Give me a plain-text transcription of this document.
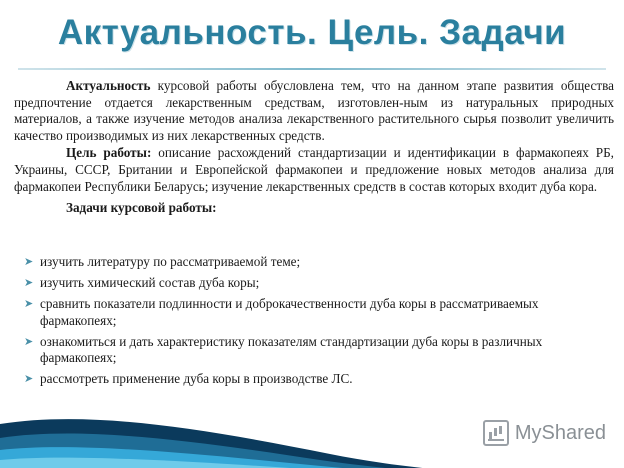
Актуальность. Цель. Задачи

Актуальность курсовой работы обусловлена тем, что на данном этапе развития общества предпочтение отдается лекарственным средствам, изготовлен-ным из натуральных природных материалов, а также изучение методов анализа лекарственного растительного сырья позволит увеличить качество производимых из них лекарственных средств.

Цель работы: описание расхождений стандартизации и идентификации в фармакопеях РБ, Украины, СССР, Британии и Европейской фармакопеи и предложение новых методов анализа для фармакопеи Республики Беларусь; изучение лекарственных средств в состав которых входит дуба кора.

Задачи курсовой работы:

➤ изучить литературу по рассматриваемой теме;
➤ изучить химический состав дуба коры;
➤ сравнить показатели подлинности и доброкачественности дуба коры в рассматриваемых фармакопеях;
➤ ознакомиться и дать характеристику показателям стандартизации дуба коры в различных фармакопеях;
➤ рассмотреть применение дуба коры в производстве ЛС.
MyShared
